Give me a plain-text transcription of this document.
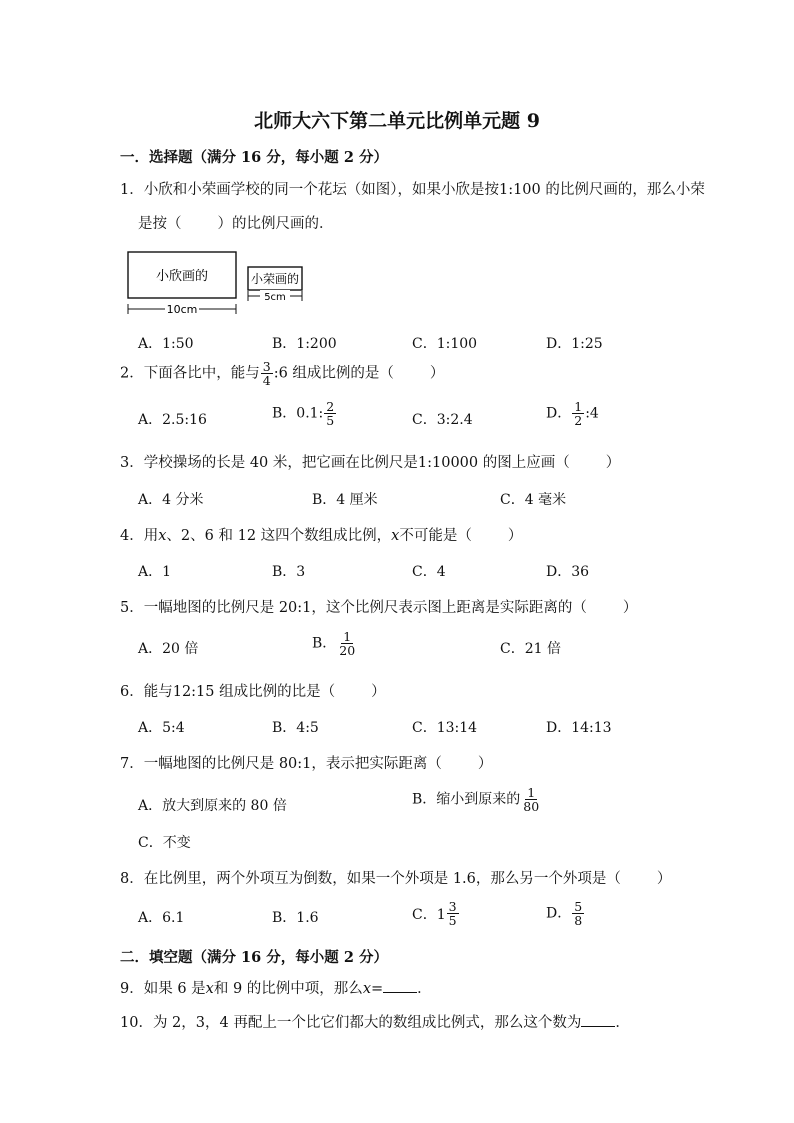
北师大六下第二单元比例单元题 9
一．选择题（满分 16 分，每小题 2 分）
1．小欣和小荣画学校的同一个花坛（如图），如果小欣是按1:100 的比例尺画的，那么小荣
是按（ ）的比例尺画的．
小欣画的
10cm
小荣画的
5cm
A．1:50	B．1:200	C．1:100	D．1:25
2．下面各比中，能与 $\frac{3}{4}$ :6 组成比例的是（ ）
A．2.5:16	B．0.1: $\frac{2}{5}$	C．3:2.4	D． $\frac{1}{2}$ :4
3．学校操场的长是 40 米，把它画在比例尺是1:10000 的图上应画（ ）
A．4 分米	B．4 厘米	C．4 毫米
4．用x、2、6 和 12 这四个数组成比例，x不可能是（ ）
A．1	B．3	C．4	D．36
5．一幅地图的比例尺是 20:1，这个比例尺表示图上距离是实际距离的（ ）
A．20 倍	B． $\frac{1}{20}$	C．21 倍
6．能与12:15 组成比例的比是（ ）
A．5:4	B．4:5	C．13:14	D．14:13
7．一幅地图的比例尺是 80:1，表示把实际距离（ ）
A．放大到原来的 80 倍	B．缩小到原来的 $\frac{1}{80}$
C．不变
8．在比例里，两个外项互为倒数，如果一个外项是 1.6，那么另一个外项是（ ）
A．6.1	B．1.6	C．$1 \frac{3}{5}$	D． $\frac{5}{8}$
二．填空题（满分 16 分，每小题 2 分）
9．如果 6 是x和 9 的比例中项，那么x= ．
10．为 2，3，4 再配上一个比它们都大的数组成比例式，那么这个数为 ．
